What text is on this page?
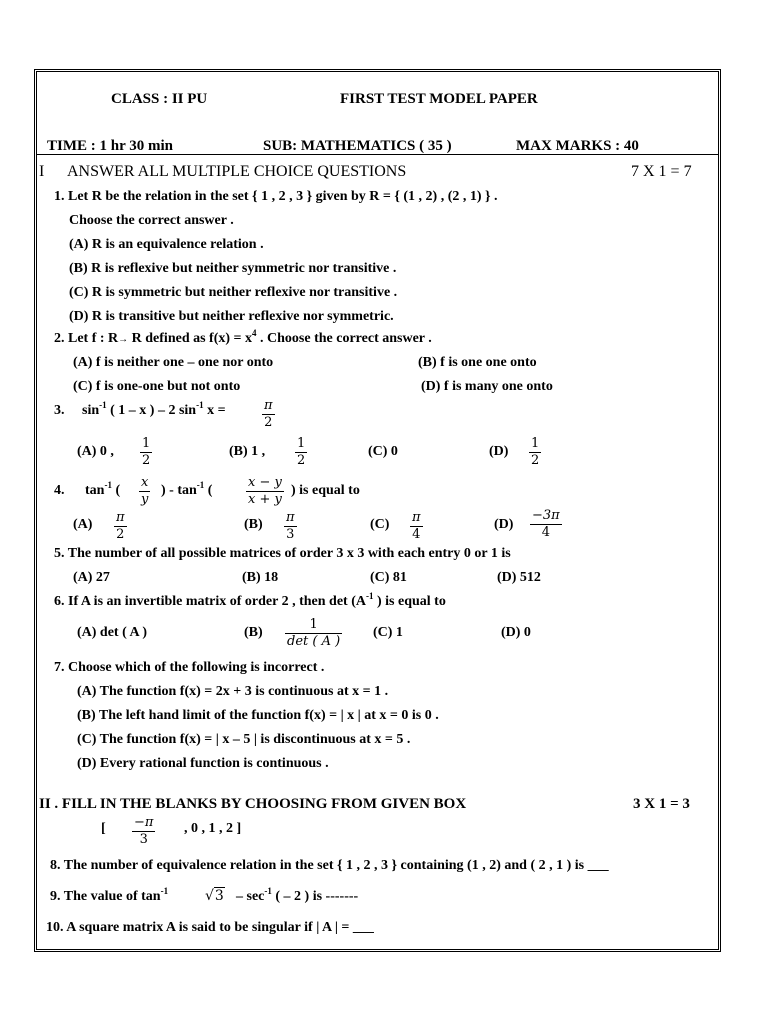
CLASS : II PU	FIRST TEST MODEL PAPER
TIME : 1 hr 30 min	SUB: MATHEMATICS ( 35 )	MAX MARKS : 40
I ANSWER ALL MULTIPLE CHOICE QUESTIONS	7 X 1 = 7
1. Let R be the relation in the set { 1 , 2 , 3 } given by R = { (1 , 2) , (2 , 1) } .
Choose the correct answer .
(A) R is an equivalence relation .
(B) R is reflexive but neither symmetric nor transitive .
(C) R is symmetric but neither reflexive nor transitive .
(D) R is transitive but neither reflexive nor symmetric.
2. Let f : R→ R defined as $f(x) = x^4$ . Choose the correct answer .
(A) f is neither one – one nor onto	(B) f is one one onto
(C) f is one-one but not onto	(D) f is many one onto
3. $\sin^{-1}$ ( 1 – x ) – 2 $\sin^{-1} x$ =	π
2
(A) 0 ,
1
2
(B) 1 ,
1
2
(C) 0	(D)
1
2
4. $\tan^{-1}$ (
x
y
) - $\tan^{-1}$ (
x − y
x + y
) is equal to
(A) π
2
(B) π
3
(C) π
4
(D)
−3π
4
5. The number of all possible matrices of order 3 x 3 with each entry 0 or 1 is
(A) 27	(B) 18	(C) 81	(D) 512
6. If A is an invertible matrix of order 2 , then $\det (A^{-1}$ ) is equal to
(A) det ( A )	(B)
1
det ( A )
(C) 1	(D) 0
7. Choose which of the following is incorrect .
(A) The function f(x) = 2x + 3 is continuous at x = 1 .
(B) The left hand limit of the function f(x) = | x | at x = 0 is 0 .
(C) The function f(x) = | x – 5 | is discontinuous at x = 5 .
(D) Every rational function is continuous .
II . FILL IN THE BLANKS BY CHOOSING FROM GIVEN BOX	3 X 1 = 3
[ −π
3
, 0 , 1 , 2 ]
8. The number of equivalence relation in the set { 1 , 2 , 3 } containing (1 , 2) and ( 2 , 1 ) is ___
9. The value of $\tan^{-1}$	$√3 - \sec^{-1}$ ( – 2 ) is -------
10. A square matrix A is said to be singular if | A | = ___
